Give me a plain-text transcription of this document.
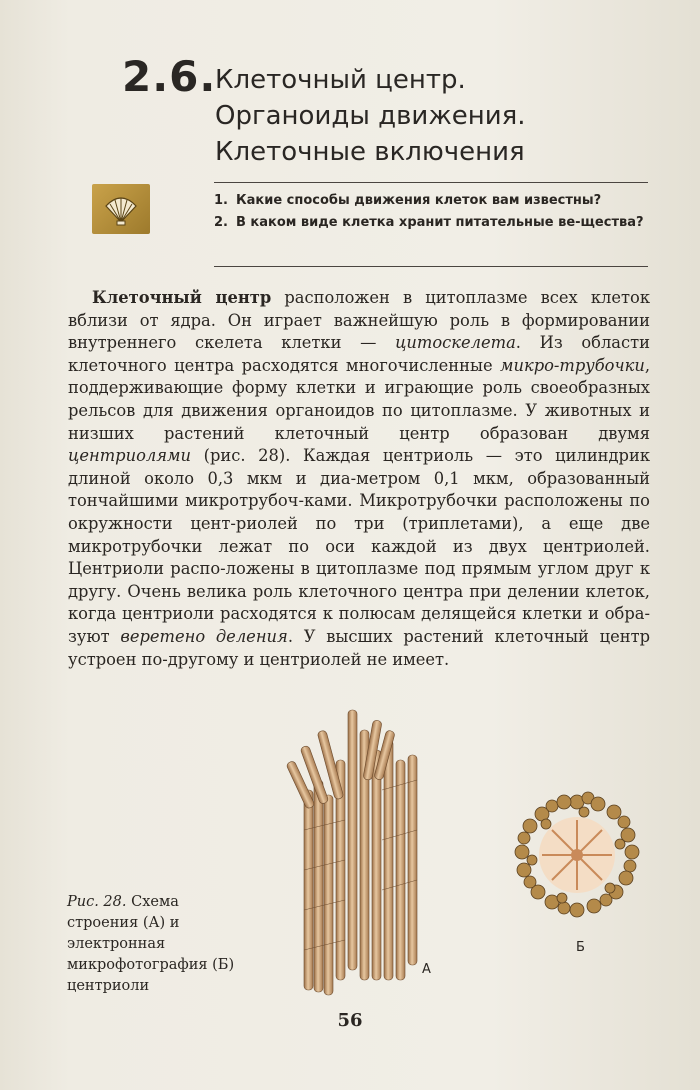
2.6.
Клеточный центр.
Органоиды движения.
Клеточные включения
1. Какие способы движения клеток вам известны?
2. В каком виде клетка хранит питательные ве-щества?

Клеточный центр расположен в цитоплазме всех клеток вблизи от ядра. Он играет важнейшую роль в формировании внутреннего скелета клетки — цитоскелета. Из области клеточного центра расходятся многочисленные микро-трубочки, поддерживающие форму клетки и играющие роль своеобразных рельсов для движения органоидов по цитоплазме. У животных и низших растений клеточный центр образован двумя центриолями (рис. 28). Каждая центриоль — это цилиндрик длиной около 0,3 мкм и диа-метром 0,1 мкм, образованный тончайшими микротрубоч-ками. Микротрубочки расположены по окружности цент-риолей по три (триплетами), а еще две микротрубочки лежат по оси каждой из двух центриолей. Центриоли распо-ложены в цитоплазме под прямым углом друг к другу. Очень велика роль клеточного центра при делении клеток, когда центриоли расходятся к полюсам делящейся клетки и обра-зуют веретено деления. У высших растений клеточный центр устроен по-другому и центриолей не имеет.

А
Б
Рис. 28. Схема строения (А) и электронная микрофотография (Б) центриоли
56
